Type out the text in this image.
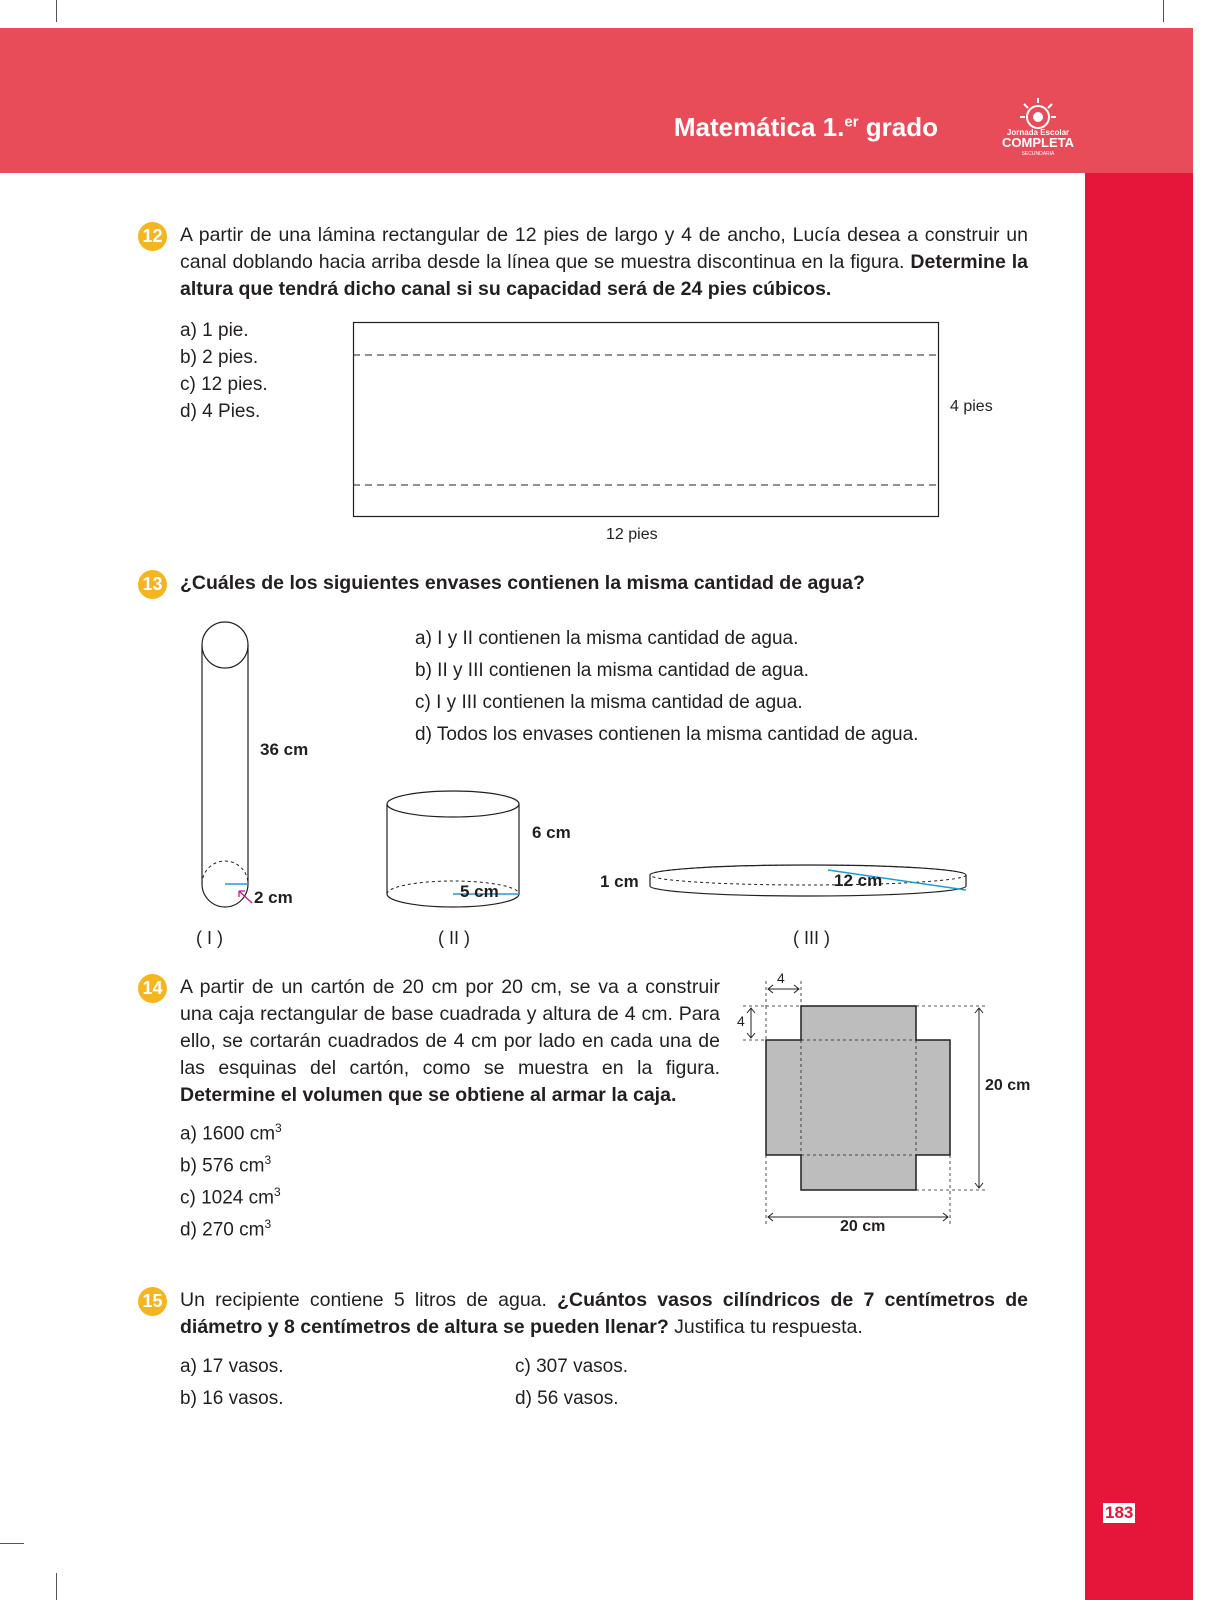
Matemática 1.$^{er}$ grado	Jornada Escolar
COMPLETA
SECUNDARIA
183
12 A partir de una lámina rectangular de 12 pies de largo y 4 de ancho, Lucía desea a construir un canal doblando hacia arriba desde la línea que se muestra discontinua en la figura. Determine la altura que tendrá dicho canal si su capacidad será de 24 pies cúbicos.
a) 1 pie.
b) 2 pies.
c) 12 pies.
d) 4 Pies.	4 pies
12 pies
13 ¿Cuáles de los siguientes envases contienen la misma cantidad de agua?
a) I y II contienen la misma cantidad de agua.
b) II y III contienen la misma cantidad de agua.
c) I y III contienen la misma cantidad de agua.
d) Todos los envases contienen la misma cantidad de agua.
36 cm
2 cm
( I )
6 cm
5 cm
( II )
1 cm	12 cm
( III )
14 A partir de un cartón de 20 cm por 20 cm, se va a construir una caja rectangular de base cuadrada y altura de 4 cm. Para ello, se cortarán cuadrados de 4 cm por lado en cada una de las esquinas del cartón, como se muestra en la figura. Determine el volumen que se obtiene al armar la caja.
a) 1600 $cm^3$
b) 576 $cm^3$
c) 1024 $cm^3$
d) 270 $cm^3$
4
4
20 cm
20 cm
15 Un recipiente contiene 5 litros de agua. ¿Cuántos vasos cilíndricos de 7 centímetros de diámetro y 8 centímetros de altura se pueden llenar? Justifica tu respuesta.
a) 17 vasos.
b) 16 vasos.
c) 307 vasos.
d) 56 vasos.
